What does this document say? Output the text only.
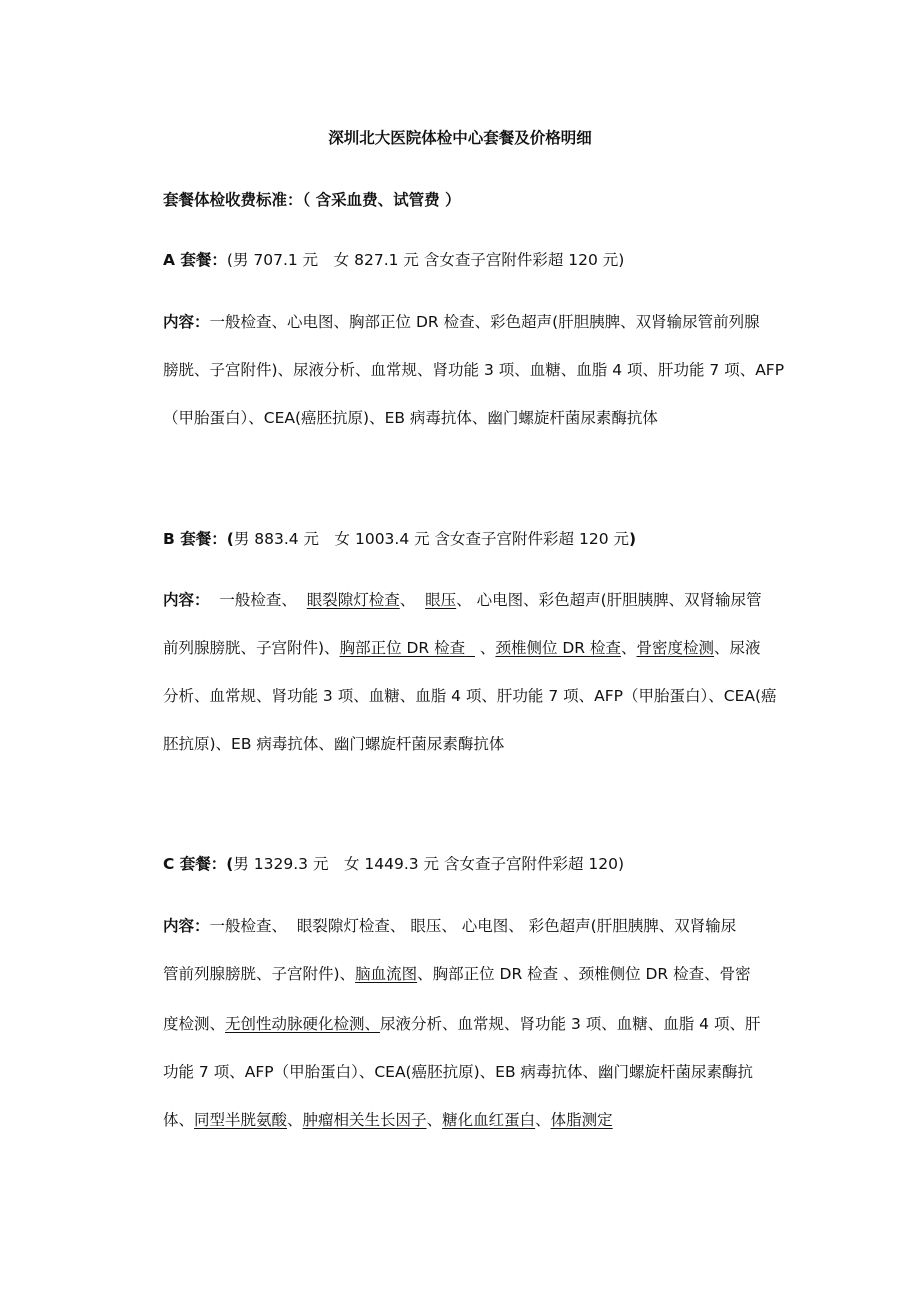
深圳北大医院体检中心套餐及价格明细
套餐体检收费标准：（ 含采血费、试管费 ）
A 套餐：(男 707.1 元　女 827.1 元 含女查子宫附件彩超 120 元)
内容：一般检查、心电图、胸部正位 DR 检查、彩色超声(肝胆胰脾、双肾输尿管前列腺
膀胱、子宫附件)、尿液分析、血常规、肾功能 3 项、血糖、血脂 4 项、肝功能 7 项、AFP
（甲胎蛋白）、CEA(癌胚抗原)、EB 病毒抗体、幽门螺旋杆菌尿素酶抗体
B 套餐：(男 883.4 元　女 1003.4 元 含女查子宫附件彩超 120 元)
内容： 一般检查、 眼裂隙灯检查、 眼压、 心电图、彩色超声(肝胆胰脾、双肾输尿管
前列腺膀胱、子宫附件)、胸部正位 DR 检查 、颈椎侧位 DR 检查、骨密度检测、尿液
分析、血常规、肾功能 3 项、血糖、血脂 4 项、肝功能 7 项、AFP（甲胎蛋白）、CEA(癌
胚抗原)、EB 病毒抗体、幽门螺旋杆菌尿素酶抗体
C 套餐：(男 1329.3 元　女 1449.3 元 含女查子宫附件彩超 120)
内容：一般检查、 眼裂隙灯检查、 眼压、 心电图、 彩色超声(肝胆胰脾、双肾输尿
管前列腺膀胱、子宫附件)、脑血流图、胸部正位 DR 检查 、颈椎侧位 DR 检查、骨密
度检测、无创性动脉硬化检测、尿液分析、血常规、肾功能 3 项、血糖、血脂 4 项、肝
功能 7 项、AFP（甲胎蛋白）、CEA(癌胚抗原)、EB 病毒抗体、幽门螺旋杆菌尿素酶抗
体、同型半胱氨酸、肿瘤相关生长因子、糖化血红蛋白、体脂测定
